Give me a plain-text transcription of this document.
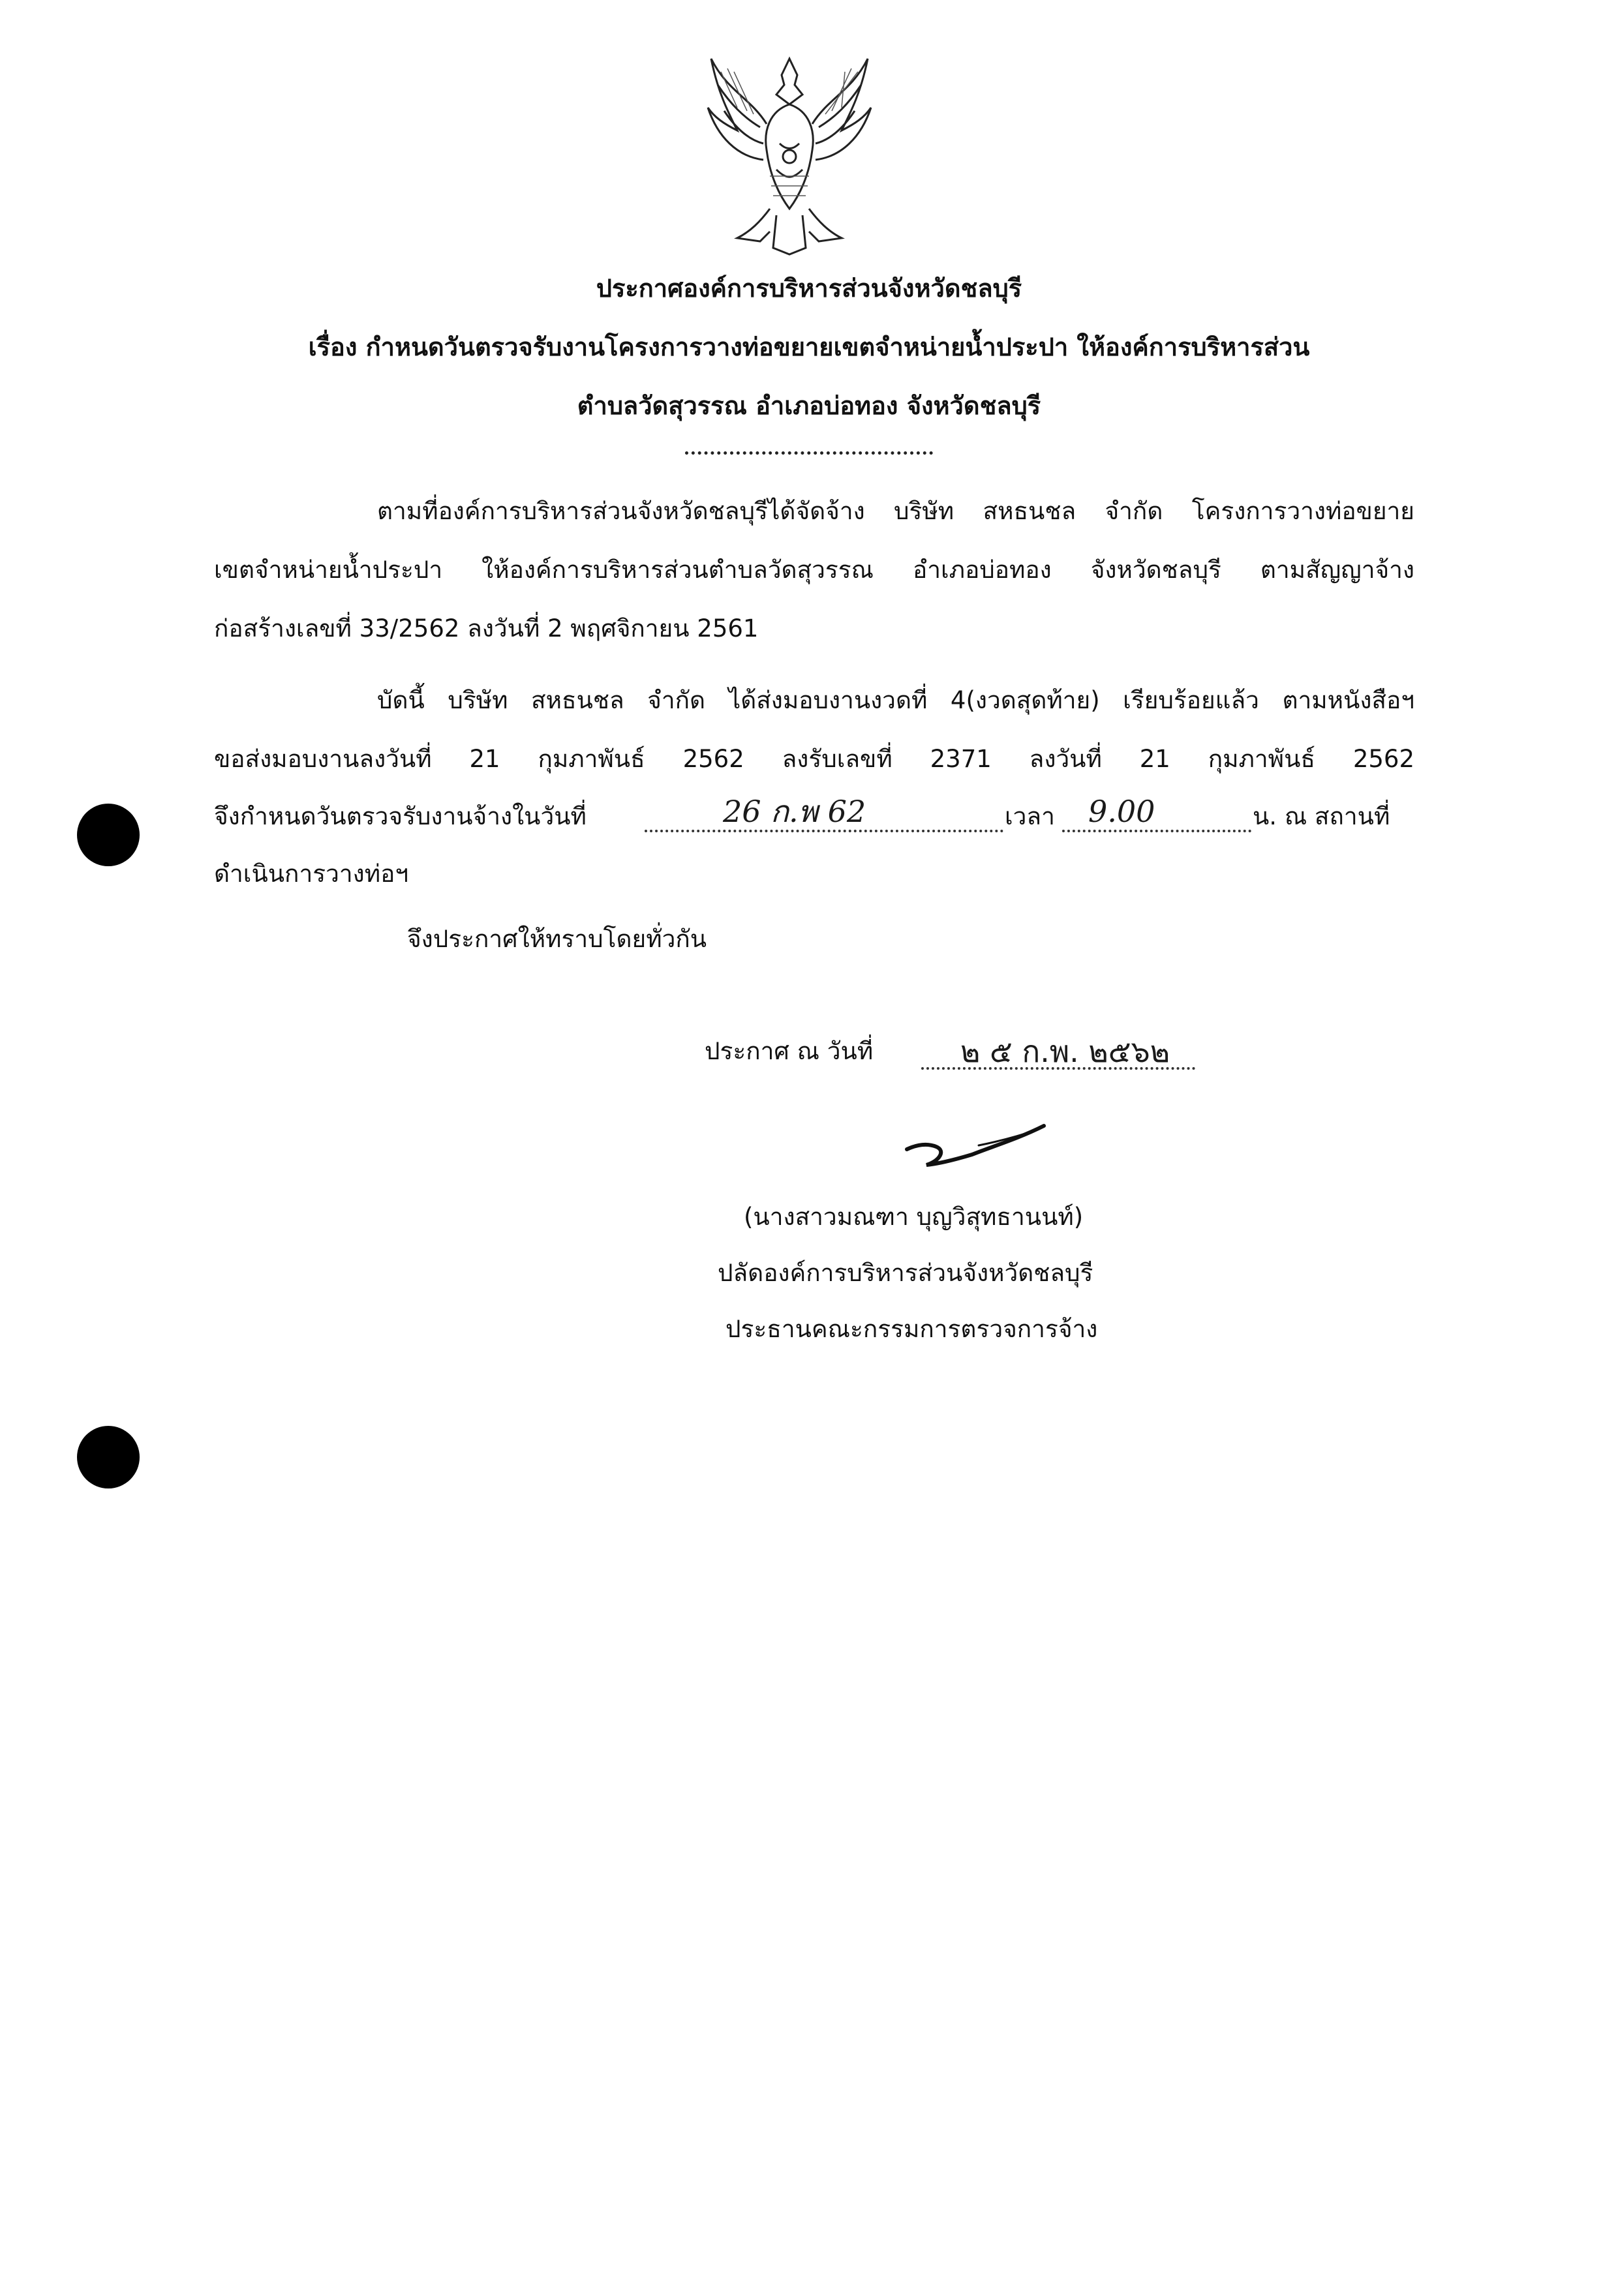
ประกาศองค์การบริหารส่วนจังหวัดชลบุรี
เรื่อง กำหนดวันตรวจรับงานโครงการวางท่อขยายเขตจำหน่ายน้ำประปา ให้องค์การบริหารส่วน
ตำบลวัดสุวรรณ อำเภอบ่อทอง จังหวัดชลบุรี
ตามที่องค์การบริหารส่วนจังหวัดชลบุรีได้จัดจ้าง บริษัท สหธนชล จำกัด โครงการวางท่อขยาย
เขตจำหน่ายน้ำประปา ให้องค์การบริหารส่วนตำบลวัดสุวรรณ อำเภอบ่อทอง จังหวัดชลบุรี ตามสัญญาจ้าง
ก่อสร้างเลขที่ 33/2562 ลงวันที่ 2 พฤศจิกายน 2561
บัดนี้ บริษัท สหธนชล จำกัด ได้ส่งมอบงานงวดที่ 4(งวดสุดท้าย) เรียบร้อยแล้ว ตามหนังสือฯ
ขอส่งมอบงานลงวันที่ 21 กุมภาพันธ์ 2562 ลงรับเลขที่ 2371 ลงวันที่ 21 กุมภาพันธ์ 2562
จึงกำหนดวันตรวจรับงานจ้างในวันที่	26 ก.พ 62	เวลา 9.00	น. ณ สถานที่
ดำเนินการวางท่อฯ
จึงประกาศให้ทราบโดยทั่วกัน
ประกาศ ณ วันที่	๒ ๕ ก.พ. ๒๕๖๒
(นางสาวมณฑา บุญวิสุทธานนท์)
ปลัดองค์การบริหารส่วนจังหวัดชลบุรี
ประธานคณะกรรมการตรวจการจ้าง
